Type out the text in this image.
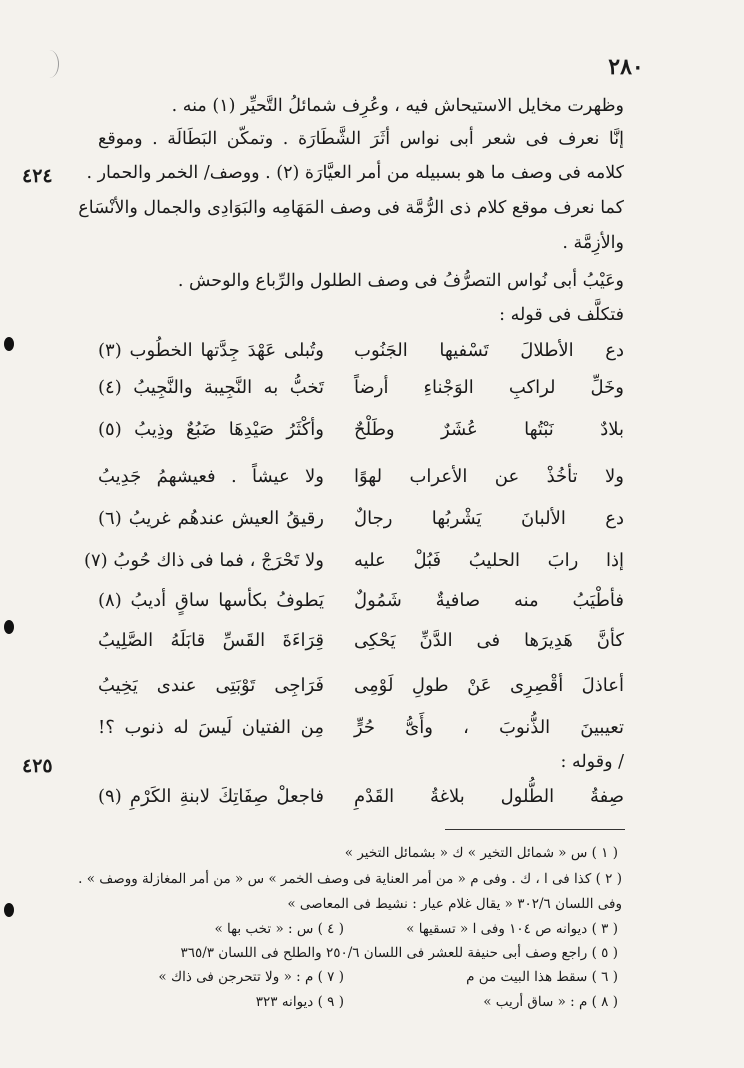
٢٨٠
وظهرت مخايل الاستيحاش فيه ، وعُرِف شمائلُ التَّحيِّر (١) منه .
إنَّا نعرف فى شعر أبى نواس أثَرَ الشَّطَارَة . وتمكّن البَطَالَة . وموقع
كلامه فى وصف ما هو بسبيله من أمر العيَّارَة (٢) . ووصف/ الخمر والحمار .
كما نعرف موقع كلام ذى الرُّمَّة فى وصف المَهَامِه والبَوَادِى والجمال والأنْسَاع
والأزِمَّة .
وعَيْبُ أبى نُواس التصرُّفُ فى وصف الطلول والرِّباع والوحش .
فتكلَّف فى قوله :
٤٢٤
دع الأطلالَ تَسْفيها الجَنُوب
وتُبلى عَهْدَ جِدَّتها الخطُوب (٣)
وخَلِّ لراكبِ الوَجْناءِ أرضاً
تَخبُّ به النَّجِيبة والنَّجِيبُ (٤)
بلادٌ نَبْتُها عُشَرٌ وطَلْحٌ
وأكْثَرُ صَيْدِهَا ضَبُعٌ وذِيبُ (٥)
ولا تأخُذْ عن الأعراب لهوًا
ولا عيشاً . فعيشهمُ جَدِيبُ
دع الألبانَ يَشْربُها رجالٌ
رقيقُ العيش عندهُم غريبُ (٦)
إذا رابَ الحليبُ فَبُلْ عليه
ولا تَحْرَجْ ، فما فى ذاك حُوبُ (٧)
فأطْيَبُ منه صافيةٌ شَمُولٌ
يَطوفُ بكأسها ساقٍ أديبُ (٨)
كأنَّ هَدِيرَها فى الدَّنِّ يَحْكِى
قِرَاءَةَ القَسِّ قابَلَهُ الصَّلِيبُ
أعاذلَ أقْصِرِى عَنْ طولِ لَوْمِى
فَرَاجِى تَوْبَتِى عندى يَخِيبُ
تعيبينَ الذُّنوبَ ، وأَىُّ حُرٍّ
مِن الفتيان لَيسَ له ذنوب ؟!
/ وقوله :
٤٢٥
صِفةُ الطُّلول بلاغةُ القَدْمِ
فاجعلْ صِفَاتِكَ لابنةِ الكَرْمِ (٩)
( ١ ) س « شمائل التخير » ك « بشمائل التخير »
( ٢ ) كذا فى ا ، ك . وفى م « من أمر العناية فى وصف الخمر » س « من أمر المغازلة ووصف » .
وفى اللسان ٣٠٢/٦ « يقال غلام عيار : نشيط فى المعاصى »
( ٣ ) ديوانه ص ١٠٤ وفى ا « تسقيها »
( ٤ ) س : « تخب بها »
( ٥ ) راجع وصف أبى حنيفة للعشر فى اللسان ٢٥٠/٦ والطلح فى اللسان ٣٦٥/٣
( ٦ ) سقط هذا البيت من م
( ٧ ) م : « ولا تتحرجن فى ذاك »
( ٨ ) م : « ساق أريب »
( ٩ ) ديوانه ٣٢٣
